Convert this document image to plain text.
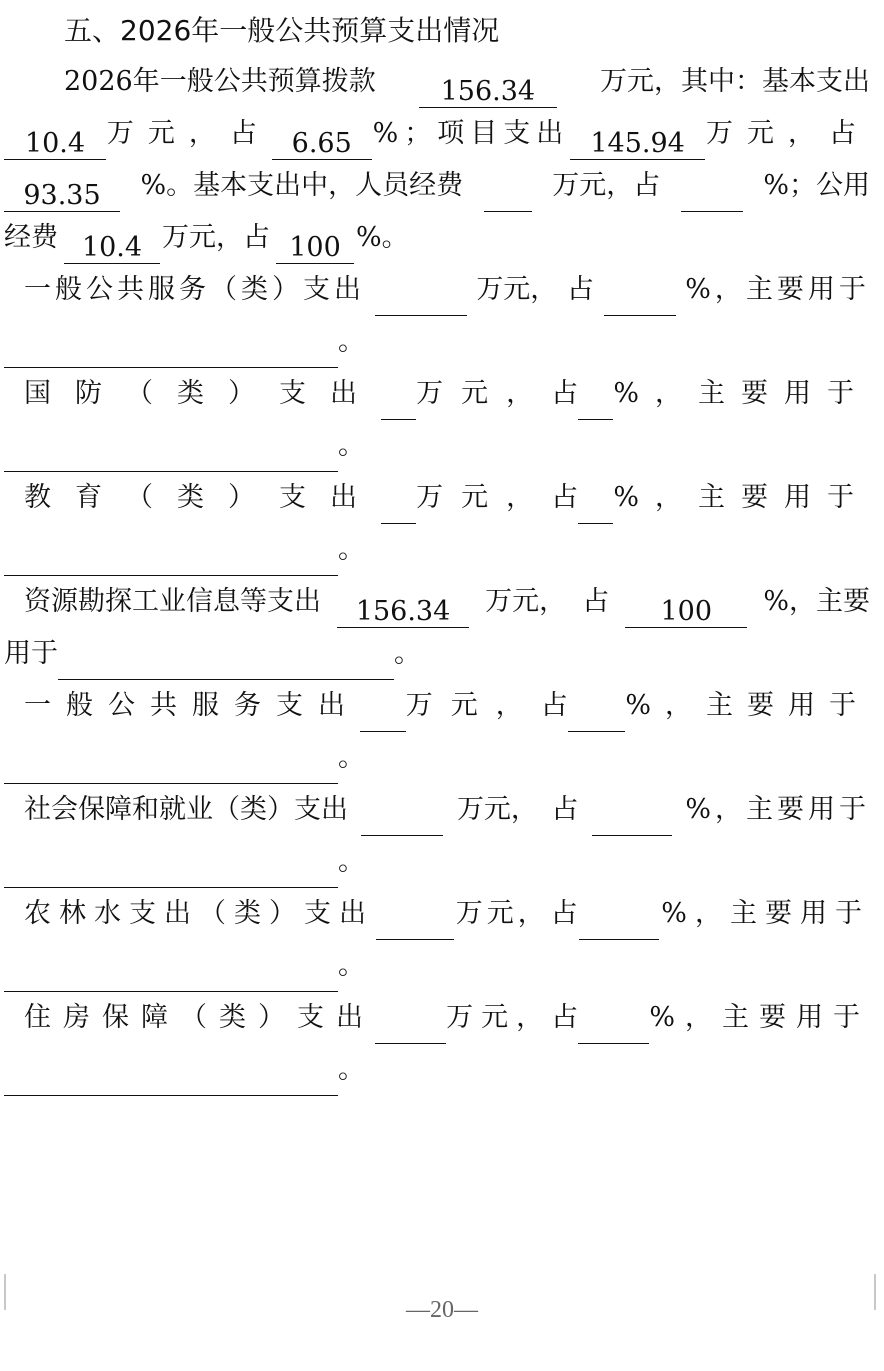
五、2026年一般公共预算支出情况
2026年一般公共预算拨款	156.34	万元，其中：基本支出
10.4 万元，占 6.65 %；项目支出 145.94 万元，占
93.35	%。基本支出中，人员经费	万元，占	%；公用
经费 10.4 万元，占 100 %。
一般公共服务（类）支出	万元， 占	%，主要用于
。
国防（类）支出 万元， 占 %，主要用于
。
教育（类）支出 万元， 占 %，主要用于
。
资源勘探工业信息等支出	156.34	万元， 占	100	%，主要
用于	。
一般公共服务支出 万元， 占 %，主要用于
。
社会保障和就业（类）支出	万元， 占	%，主要用于
。
农林水支出（类）支出	万元， 占	%，主要用于
。
住房保障（类）支出	万元， 占	%，主要用于
。
—20—
